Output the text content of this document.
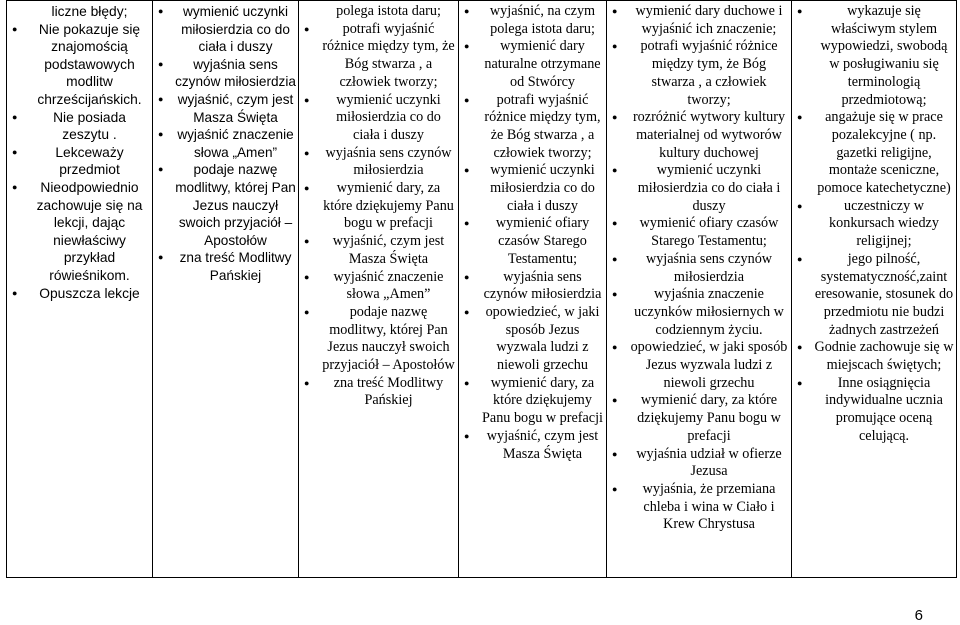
liczne błędy;
● Nie pokazuje się znajomością podstawowych modlitw chrześcijańskich.
● Nie posiada zeszytu .
● Lekceważy przedmiot
● Nieodpowiednio zachowuje się na lekcji, dając niewłaściwy przykład rówieśnikom.
● Opuszcza lekcje

● wymienić uczynki miłosierdzia co do ciała i duszy
● wyjaśnia sens czynów miłosierdzia
● wyjaśnić, czym jest Masza Święta
● wyjaśnić znaczenie słowa „Amen”
● podaje nazwę modlitwy, której Pan Jezus nauczył swoich przyjaciół – Apostołów
● zna treść Modlitwy Pańskiej

polega istota daru;
● potrafi wyjaśnić różnice między tym, że Bóg stwarza , a człowiek tworzy;
● wymienić uczynki miłosierdzia co do ciała i duszy
● wyjaśnia sens czynów miłosierdzia
● wymienić dary, za które dziękujemy Panu bogu w prefacji
● wyjaśnić, czym jest Masza Święta
● wyjaśnić znaczenie słowa „Amen”
● podaje nazwę modlitwy, której Pan Jezus nauczył swoich przyjaciół – Apostołów
● zna treść Modlitwy Pańskiej

● wyjaśnić, na czym polega istota daru;
● wymienić dary naturalne otrzymane od Stwórcy
● potrafi wyjaśnić różnice między tym, że Bóg stwarza , a człowiek tworzy;
● wymienić uczynki miłosierdzia co do ciała i duszy
● wymienić ofiary czasów Starego Testamentu;
● wyjaśnia sens czynów miłosierdzia
● opowiedzieć, w jaki sposób Jezus wyzwala ludzi z niewoli grzechu
● wymienić dary, za które dziękujemy Panu bogu w prefacji
● wyjaśnić, czym jest Masza Święta

● wymienić dary duchowe i wyjaśnić ich znaczenie;
● potrafi wyjaśnić różnice między tym, że Bóg stwarza , a człowiek tworzy;
● rozróżnić wytwory kultury materialnej od wytworów kultury duchowej
● wymienić uczynki miłosierdzia co do ciała i duszy
● wymienić ofiary czasów Starego Testamentu;
● wyjaśnia sens czynów miłosierdzia
● wyjaśnia znaczenie uczynków miłosiernych w codziennym życiu.
● opowiedzieć, w jaki sposób Jezus wyzwala ludzi z niewoli grzechu
● wymienić dary, za które dziękujemy Panu bogu w prefacji
● wyjaśnia udział w ofierze Jezusa
● wyjaśnia, że przemiana chleba i wina w Ciało i Krew Chrystusa

● wykazuje się właściwym stylem wypowiedzi, swobodą w posługiwaniu się terminologią przedmiotową;
● angażuje się w prace pozalekcyjne ( np. gazetki religijne, montaże sceniczne, pomoce katechetyczne)
● uczestniczy w konkursach wiedzy religijnej;
● jego pilność, systematyczność,zaint eresowanie, stosunek do przedmiotu nie budzi żadnych zastrzeżeń
● Godnie zachowuje się w miejscach świętych;
● Inne osiągnięcia indywidualne ucznia promujące oceną celującą.
6
